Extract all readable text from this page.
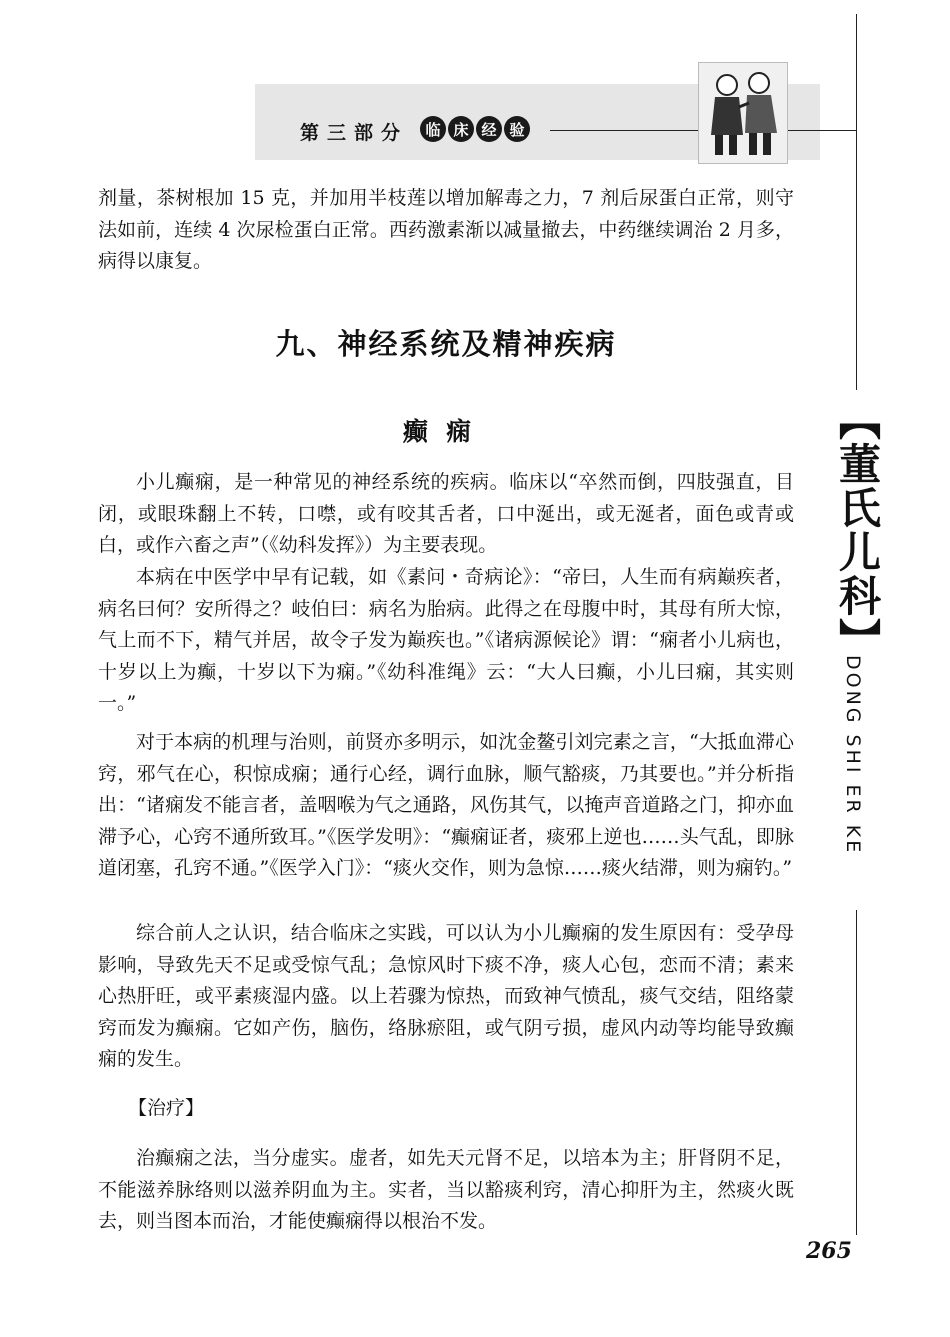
第三部分	临 床 经 验
【董氏儿科】
DONG SHI ER KE

剂量，茶树根加 15 克，并加用半枝莲以增加解毒之力，7 剂后尿蛋白正常，则守法如前，连续 4 次尿检蛋白正常。西药激素渐以减量撤去，中药继续调治 2 月多，病得以康复。

九、神经系统及精神疾病
癫痫

小儿癫痫，是一种常见的神经系统的疾病。临床以“卒然而倒，四肢强直，目闭，或眼珠翻上不转，口噤，或有咬其舌者，口中涎出，或无涎者，面色或青或白，或作六畜之声”（《幼科发挥》）为主要表现。

本病在中医学中早有记载，如《素问・奇病论》：“帝曰，人生而有病巅疾者，病名曰何？安所得之？岐伯曰：病名为胎病。此得之在母腹中时，其母有所大惊，气上而不下，精气并居，故令子发为巅疾也。”《诸病源候论》谓：“痫者小儿病也，十岁以上为癫，十岁以下为痫。”《幼科准绳》云：“大人曰癫，小儿曰痫，其实则一。”

对于本病的机理与治则，前贤亦多明示，如沈金鳌引刘完素之言，“大抵血滞心窍，邪气在心，积惊成痫；通行心经，调行血脉，顺气豁痰，乃其要也。”并分析指出：“诸痫发不能言者，盖咽喉为气之通路，风伤其气，以掩声音道路之门，抑亦血滞予心，心窍不通所致耳。”《医学发明》：“癫痫证者，痰邪上逆也……头气乱，即脉道闭塞，孔窍不通。”《医学入门》：“痰火交作，则为急惊……痰火结滞，则为痫钓。”

综合前人之认识，结合临床之实践，可以认为小儿癫痫的发生原因有：受孕母影响，导致先天不足或受惊气乱；急惊风时下痰不净，痰人心包，恋而不清；素来心热肝旺，或平素痰湿内盛。以上若骤为惊热，而致神气愤乱，痰气交结，阻络蒙窍而发为癫痫。它如产伤，脑伤，络脉瘀阻，或气阴亏损，虚风内动等均能导致癫痫的发生。

【治疗】

治癫痫之法，当分虚实。虚者，如先天元肾不足，以培本为主；肝肾阴不足，不能滋养脉络则以滋养阴血为主。实者，当以豁痰利窍，清心抑肝为主，然痰火既去，则当图本而治，才能使癫痫得以根治不发。

265
